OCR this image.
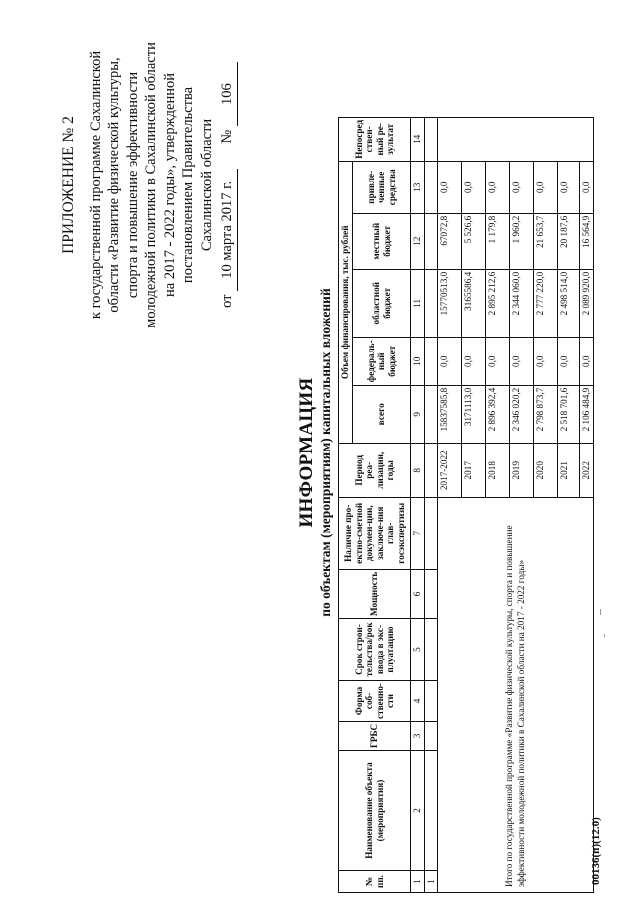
ПРИЛОЖЕНИЕ № 2 к государственной программе Сахалинской области «Развитие физической культуры, спорта и повышение эффективности молодежной политики в Сахалинской области на 2017 - 2022 годы», утвержденной постановлением Правительства Сахалинской области
от 10 марта 2017 г.  № 106
ИНФОРМАЦИЯ по объектам (мероприятиям) капитальных вложений
№ пп.	Наименование объекта (мероприятия)	ГРБС	Форма соб-ственно-сти	Срок строи-тельства/рок ввода в экс-плуатацию	Мощность	Наличие про-ектно-сметной докумен-ции, заключе-ния глав-госэкспертизы	Период реа-лизации, годы	Объем финансирования, тыс. рублей					Непосред ствен-ный ре-зультат
								всего	федераль-ный бюджет	областной бюджет	местный бюджет	привле-ченные средства	
1	2	3	4	5	6	7	8	9	10	11	12	13	14
1													
Итого по государственной программе «Развитие физической культуры, спорта и повышение эффективности молодежной политики в Сахалинской области на 2017 - 2022 годы»							2017-2022	15837585,8	0,0	15770513,0	67072,8	0,0	
							2017	3171113,0	0,0	3165586,4	5 526,6	0,0	
							2018	2 896 392,4	0,0	2 895 212,6	1 179,8	0,0	
							2019	2 346 020,2	0,0	2 344 060,0	1 960,2	0,0	
							2020	2 798 873,7	0,0	2 777 220,0	21 653,7	0,0	
							2021	2 518 701,6	0,0	2 498 514,0	20 187,6	0,0	
							2022	2 106 484,9	0,0	2 089 920,0	16 564,9	0,0	
00136(п)(12.0)
